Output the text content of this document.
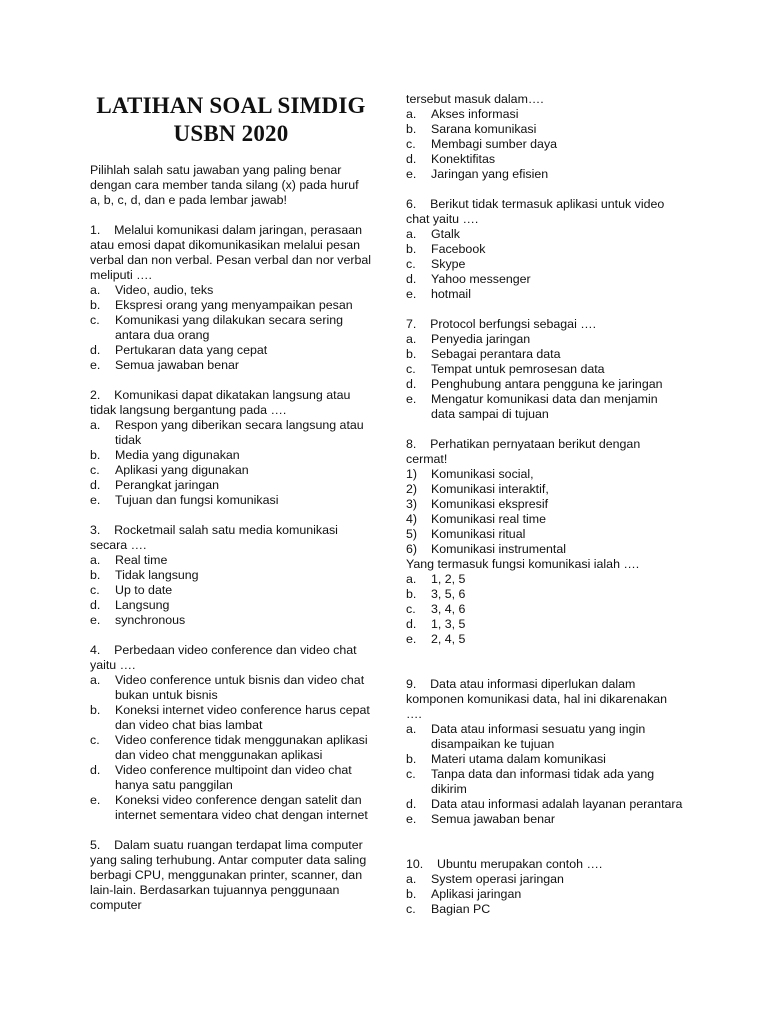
LATIHAN SOAL SIMDIG
USBN 2020

Pilihlah salah satu jawaban yang paling benar dengan cara member tanda silang (x) pada huruf a, b, c, d, dan e pada lembar jawab!

1.    Melalui komunikasi dalam jaringan, perasaan atau emosi dapat dikomunikasikan melalui pesan verbal dan non verbal. Pesan verbal dan nor verbal meliputi ….

a.	Video, audio, teks
b.	Ekspresi orang yang menyampaikan pesan
c.	Komunikasi yang dilakukan secara sering antara dua orang
d.	Pertukaran data yang cepat
e.	Semua jawaban benar

2.    Komunikasi dapat dikatakan langsung atau tidak langsung bergantung pada ….

a.	Respon yang diberikan secara langsung atau tidak
b.	Media yang digunakan
c.	Aplikasi yang digunakan
d.	Perangkat jaringan
e.	Tujuan dan fungsi komunikasi

3.    Rocketmail salah satu media komunikasi secara ….

a.	Real time
b.	Tidak langsung
c.	Up to date
d.	Langsung
e.	synchronous

4.    Perbedaan video conference dan video chat yaitu ….

a.	Video conference untuk bisnis dan video chat bukan untuk bisnis
b.	Koneksi internet video conference harus cepat dan video chat bias lambat
c.	Video conference tidak menggunakan aplikasi dan video chat menggunakan aplikasi
d.	Video conference multipoint dan video chat hanya satu panggilan
e.	Koneksi video conference dengan satelit dan internet sementara video chat dengan internet

5.    Dalam suatu ruangan terdapat lima computer yang saling terhubung. Antar computer data saling berbagi CPU, menggunakan printer, scanner, dan lain-lain. Berdasarkan tujuannya penggunaan computer

tersebut masuk dalam….

a.	Akses informasi
b.	Sarana komunikasi
c.	Membagi sumber daya
d.	Konektifitas
e.	Jaringan yang efisien

6.    Berikut tidak termasuk aplikasi untuk video chat yaitu ….

a.	Gtalk
b.	Facebook
c.	Skype
d.	Yahoo messenger
e.	hotmail

7.    Protocol berfungsi sebagai ….

a.	Penyedia jaringan
b.	Sebagai perantara data
c.	Tempat untuk pemrosesan data
d.	Penghubung antara pengguna ke jaringan
e.	Mengatur komunikasi data dan menjamin data sampai di tujuan

8.    Perhatikan pernyataan berikut dengan cermat!

1)	Komunikasi social,
2)	Komunikasi interaktif,
3)	Komunikasi ekspresif
4)	Komunikasi real time
5)	Komunikasi ritual
6)	Komunikasi instrumental

Yang termasuk fungsi komunikasi ialah ….

a.	1, 2, 5
b.	3, 5, 6
c.	3, 4, 6
d.	1, 3, 5
e.	2, 4, 5

9.    Data atau informasi diperlukan dalam komponen komunikasi data, hal ini dikarenakan ….

a.	Data atau informasi sesuatu yang ingin disampaikan ke tujuan
b.	Materi utama dalam komunikasi
c.	Tanpa data dan informasi tidak ada yang dikirim
d.	Data atau informasi adalah layanan perantara
e.	Semua jawaban benar

10.    Ubuntu merupakan contoh ….

a.	System operasi jaringan
b.	Aplikasi jaringan
c.	Bagian PC
